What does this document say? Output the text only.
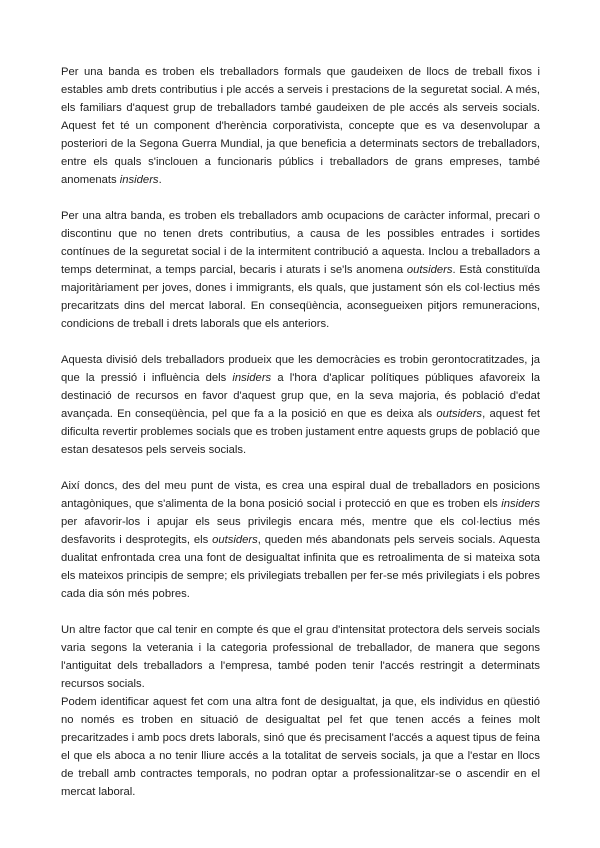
Per una banda es troben els treballadors formals que gaudeixen de llocs de treball fixos i estables amb drets contributius i ple accés a serveis i prestacions de la seguretat social. A més, els familiars d'aquest grup de treballadors també gaudeixen de ple accés als serveis socials. Aquest fet té un component d'herència corporativista, concepte que es va desenvolupar a posteriori de la Segona Guerra Mundial, ja que beneficia a determinats sectors de treballadors, entre els quals s'inclouen a funcionaris públics i treballadors de grans empreses, també anomenats insiders.

Per una altra banda, es troben els treballadors amb ocupacions de caràcter informal, precari o discontinu que no tenen drets contributius, a causa de les possibles entrades i sortides contínues de la seguretat social i de la intermitent contribució a aquesta. Inclou a treballadors a temps determinat, a temps parcial, becaris i aturats i se'ls anomena outsiders. Està constituïda majoritàriament per joves, dones i immigrants, els quals, que justament són els col·lectius més precaritzats dins del mercat laboral. En conseqüència, aconsegueixen pitjors remuneracions, condicions de treball i drets laborals que els anteriors.

Aquesta divisió dels treballadors produeix que les democràcies es trobin gerontocratitzades, ja que la pressió i influència dels insiders a l'hora d'aplicar polítiques públiques afavoreix la destinació de recursos en favor d'aquest grup que, en la seva majoria, és població d'edat avançada. En conseqüència, pel que fa a la posició en que es deixa als outsiders, aquest fet dificulta revertir problemes socials que es troben justament entre aquests grups de població que estan desatesos pels serveis socials.

Així doncs, des del meu punt de vista, es crea una espiral dual de treballadors en posicions antagòniques, que s'alimenta de la bona posició social i protecció en que es troben els insiders per afavorir-los i apujar els seus privilegis encara més, mentre que els col·lectius més desfavorits i desprotegits, els outsiders, queden més abandonats pels serveis socials. Aquesta dualitat enfrontada crea una font de desigualtat infinita que es retroalimenta de si mateixa sota els mateixos principis de sempre; els privilegiats treballen per fer-se més privilegiats i els pobres cada dia són més pobres.

Un altre factor que cal tenir en compte és que el grau d'intensitat protectora dels serveis socials varia segons la veterania i la categoria professional de treballador, de manera que segons l'antiguitat dels treballadors a l'empresa, també poden tenir l'accés restringit a determinats recursos socials.

Podem identificar aquest fet com una altra font de desigualtat, ja que, els individus en qüestió no només es troben en situació de desigualtat pel fet que tenen accés a feines molt precaritzades i amb pocs drets laborals, sinó que és precisament l'accés a aquest tipus de feina el que els aboca a no tenir lliure accés a la totalitat de serveis socials, ja que a l'estar en llocs de treball amb contractes temporals, no podran optar a professionalitzar-se o ascendir en el mercat laboral.
